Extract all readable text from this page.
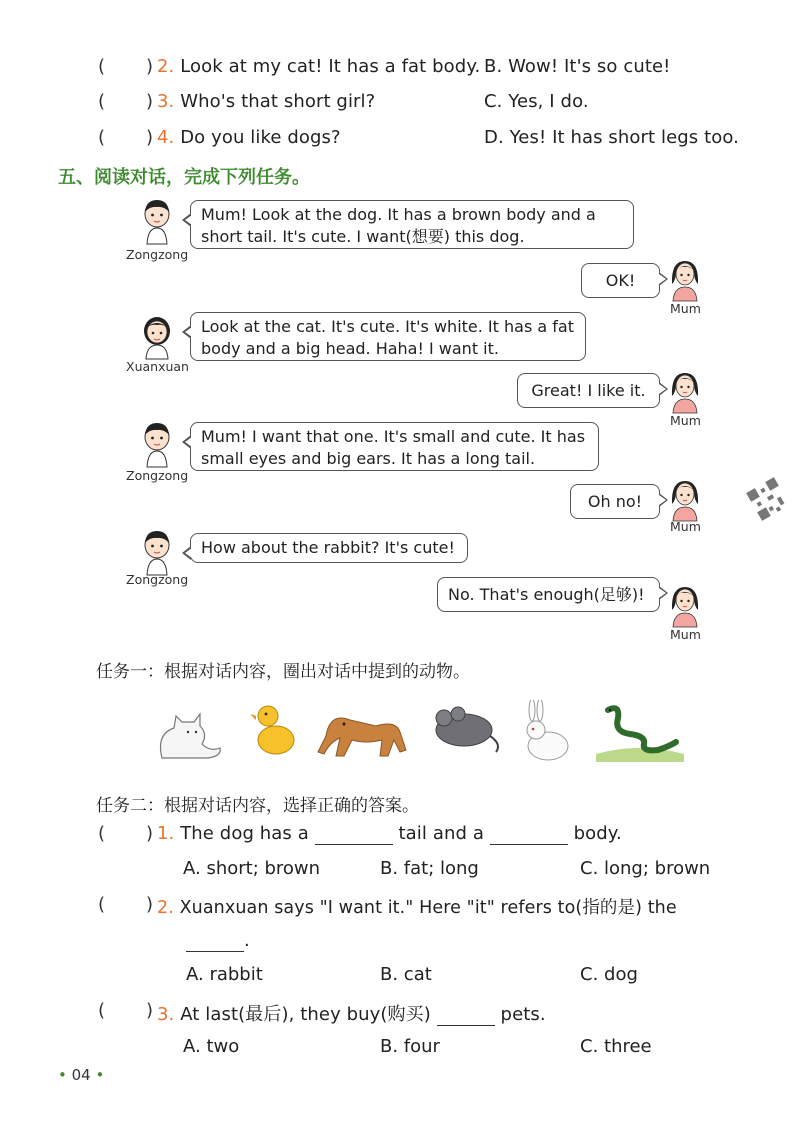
( ) 2. Look at my cat! It has a fat body. B. Wow! It's so cute!
( ) 3. Who's that short girl?	C. Yes, I do.
( ) 4. Do you like dogs?	D. Yes! It has short legs too.
五、阅读对话，完成下列任务。
Zongzong
Mum
Xuanxuan
Mum
Zongzong
Mum
Zongzong
Mum
Mum! Look at the dog. It has a brown body and a short tail. It's cute. I want(想要) this dog.
OK!
Look at the cat. It's cute. It's white. It has a fat body and a big head. Haha! I want it.
Great! I like it.
Mum! I want that one. It's small and cute. It has small eyes and big ears. It has a long tail.
Oh no!
How about the rabbit? It's cute!
No. That's enough(足够)!
任务一：根据对话内容，圈出对话中提到的动物。
任务二：根据对话内容，选择正确的答案。
( ) 1. The dog has a	tail and a	body.
A. short; brown	B. fat; long	C. long; brown
( ) 2. Xuanxuan says "I want it." Here "it" refers to(指的是) the
.
A. rabbit	B. cat	C. dog
( ) 3. At last(最后), they buy(购买)	pets.
A. two	B. four	C. three
• 04 •
